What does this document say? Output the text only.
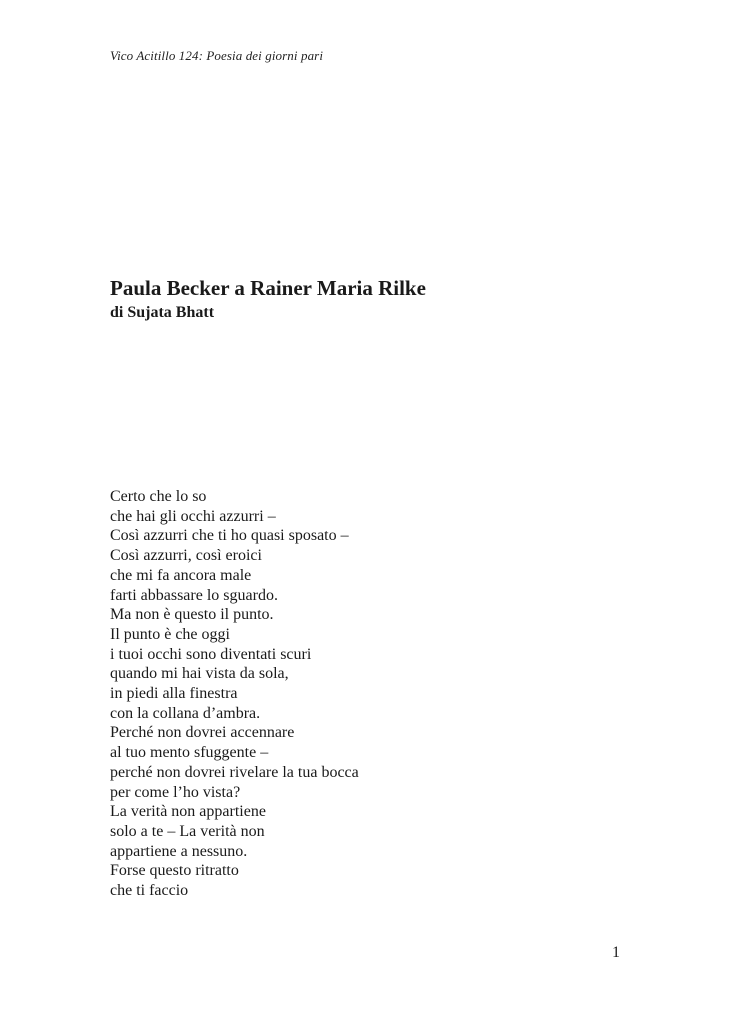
Vico Acitillo 124: Poesia dei giorni pari
Paula Becker a Rainer Maria Rilke
di Sujata Bhatt
Certo che lo so
che hai gli occhi azzurri –
Così azzurri che ti ho quasi sposato –
Così azzurri, così eroici
che mi fa ancora male
farti abbassare lo sguardo.
Ma non è questo il punto.
Il punto è che oggi
i tuoi occhi sono diventati scuri
quando mi hai vista da sola,
in piedi alla finestra
con la collana d’ambra.
Perché non dovrei accennare
al tuo mento sfuggente –
perché non dovrei rivelare la tua bocca
per come l’ho vista?
La verità non appartiene
solo a te – La verità non
appartiene a nessuno.
Forse questo ritratto
che ti faccio
1
